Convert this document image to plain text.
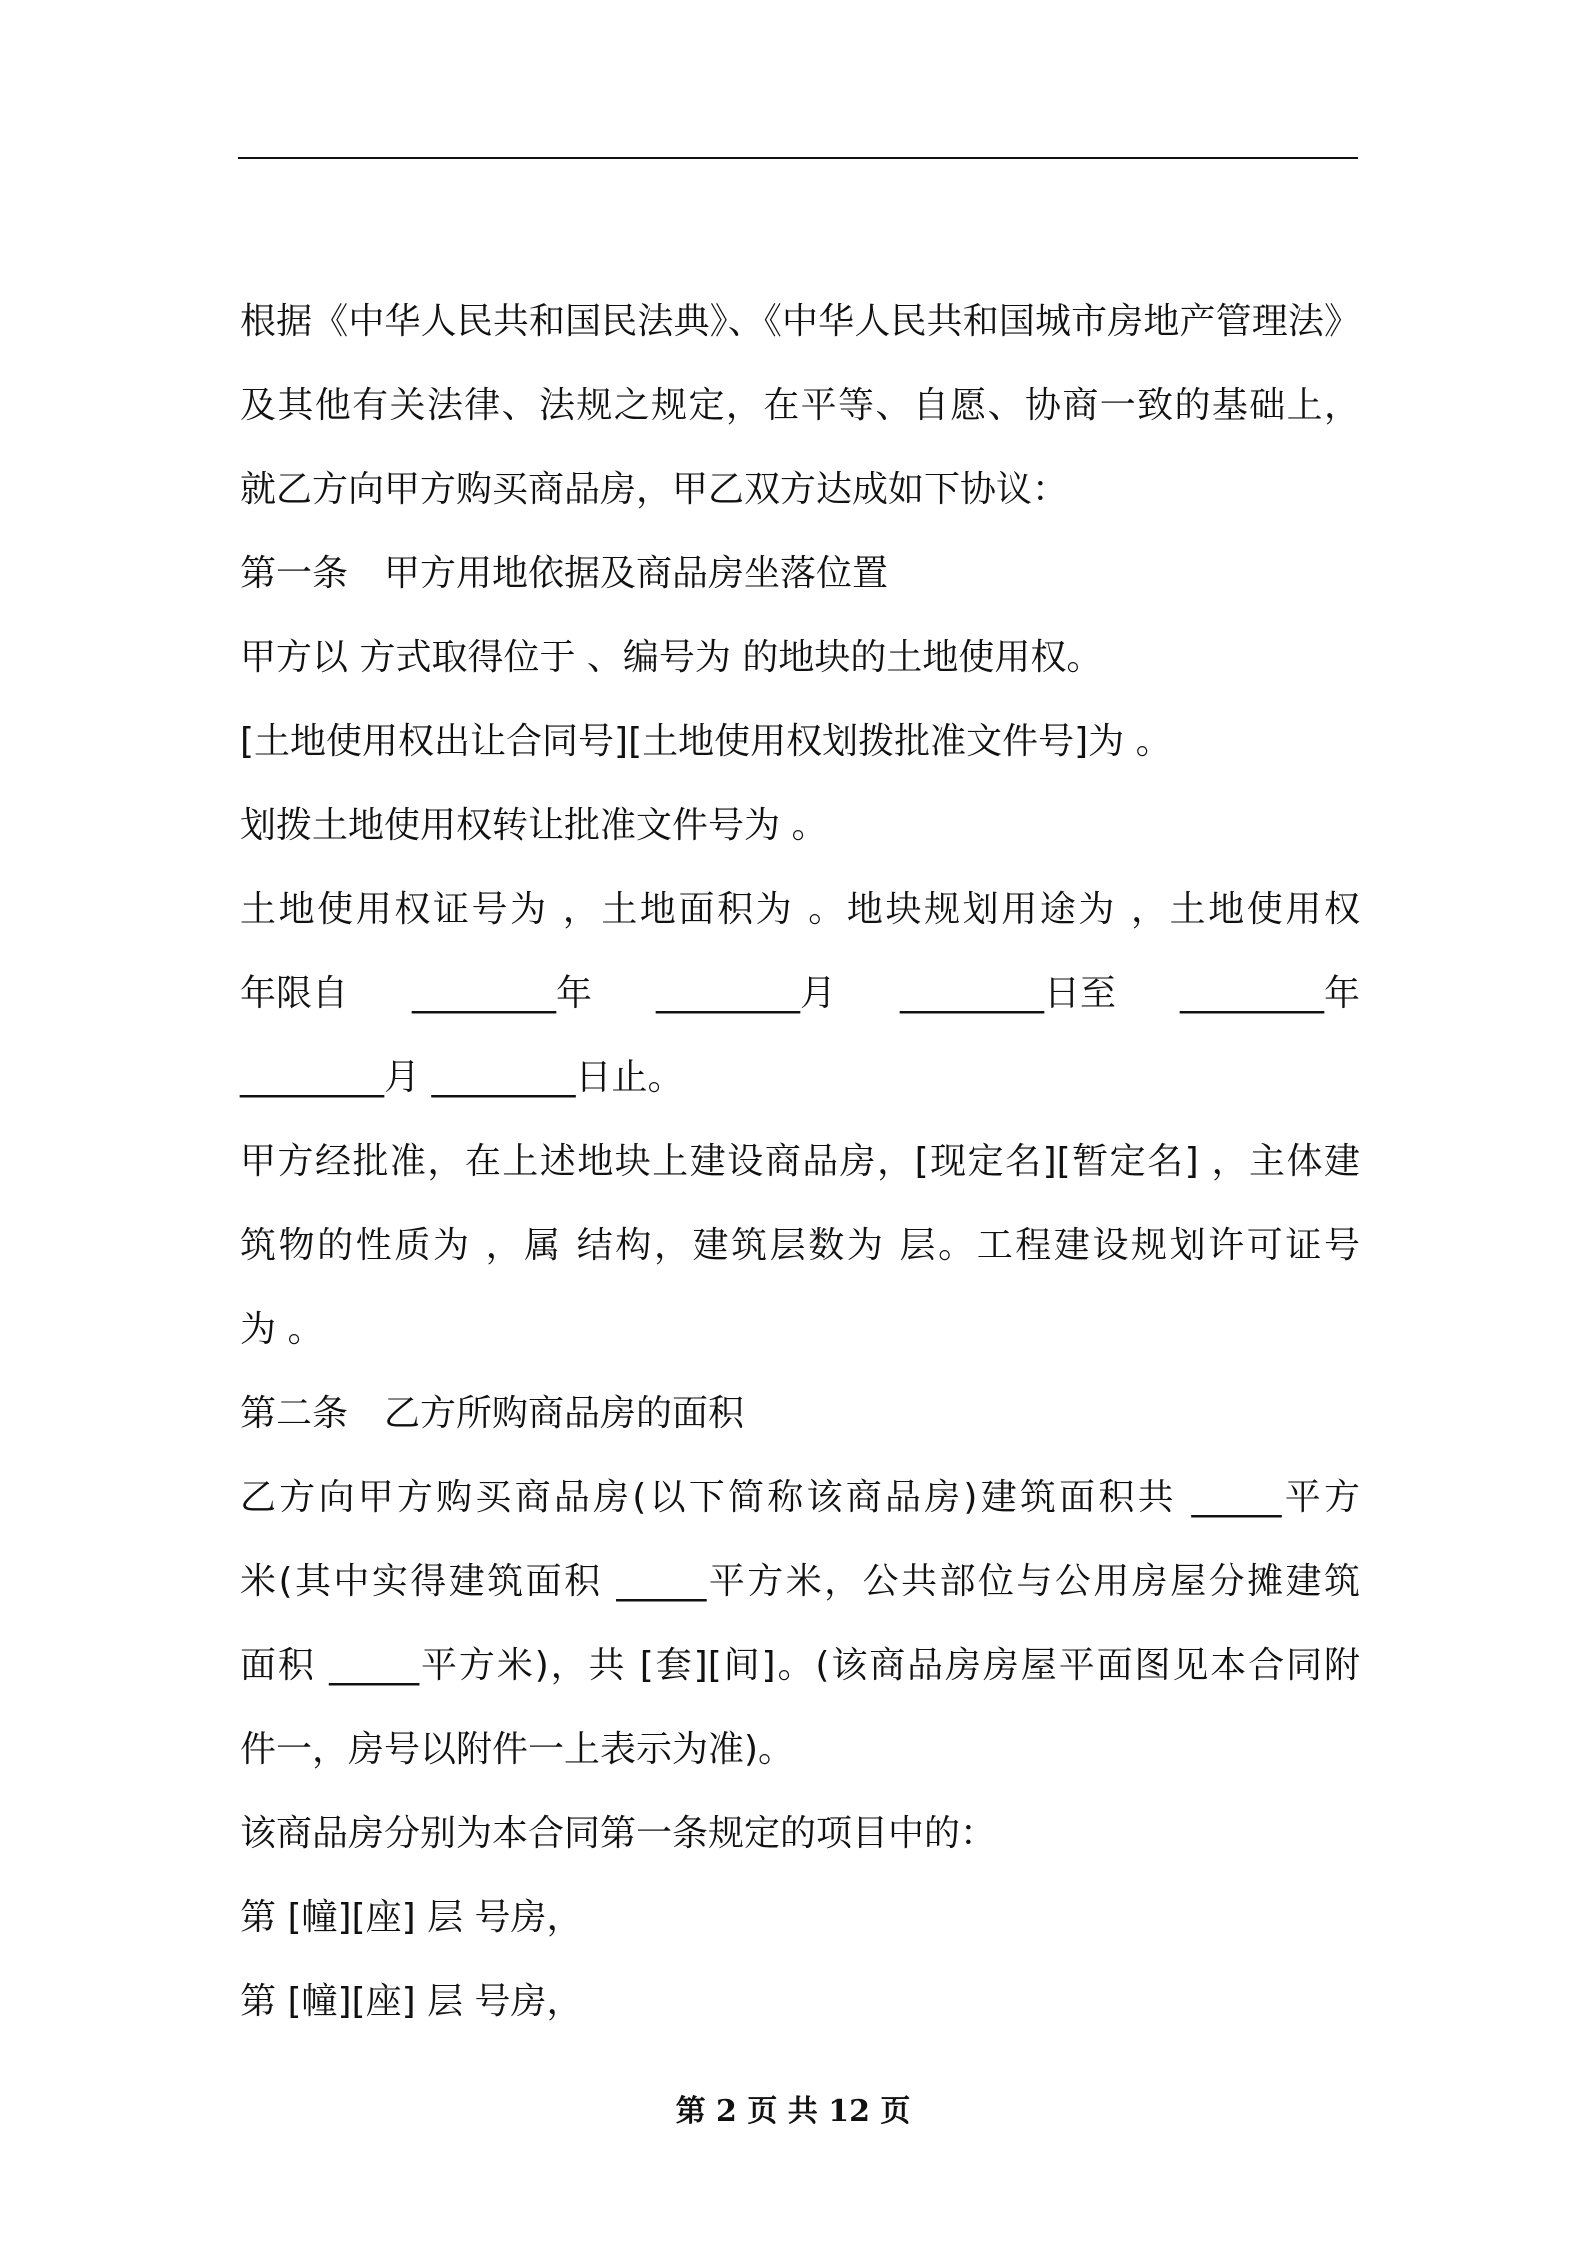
根据《中华人民共和国民法典》、《中华人民共和国城市房地产管理法》
及其他有关法律、法规之规定，在平等、自愿、协商一致的基础上，
就乙方向甲方购买商品房，甲乙双方达成如下协议：
第一条　甲方用地依据及商品房坐落位置
甲方以 方式取得位于 、编号为 的地块的土地使用权。
[土地使用权出让合同号][土地使用权划拨批准文件号]为 。
划拨土地使用权转让批准文件号为 。
土地使用权证号为 ，土地面积为 。地块规划用途为 ，土地使用权
年限自 ________年 ________月 ________日至 ________年
________月 ________日止。
甲方经批准，在上述地块上建设商品房，[现定名][暂定名] ，主体建
筑物的性质为 ，属 结构，建筑层数为 层。工程建设规划许可证号
为 。
第二条　乙方所购商品房的面积
乙方向甲方购买商品房(以下简称该商品房)建筑面积共 _____平方
米(其中实得建筑面积 _____平方米，公共部位与公用房屋分摊建筑
面积 _____平方米)，共 [套][间]。(该商品房房屋平面图见本合同附
件一，房号以附件一上表示为准)。
该商品房分别为本合同第一条规定的项目中的：
第 [幢][座] 层 号房，
第 [幢][座] 层 号房，
第 2 页 共 12 页
